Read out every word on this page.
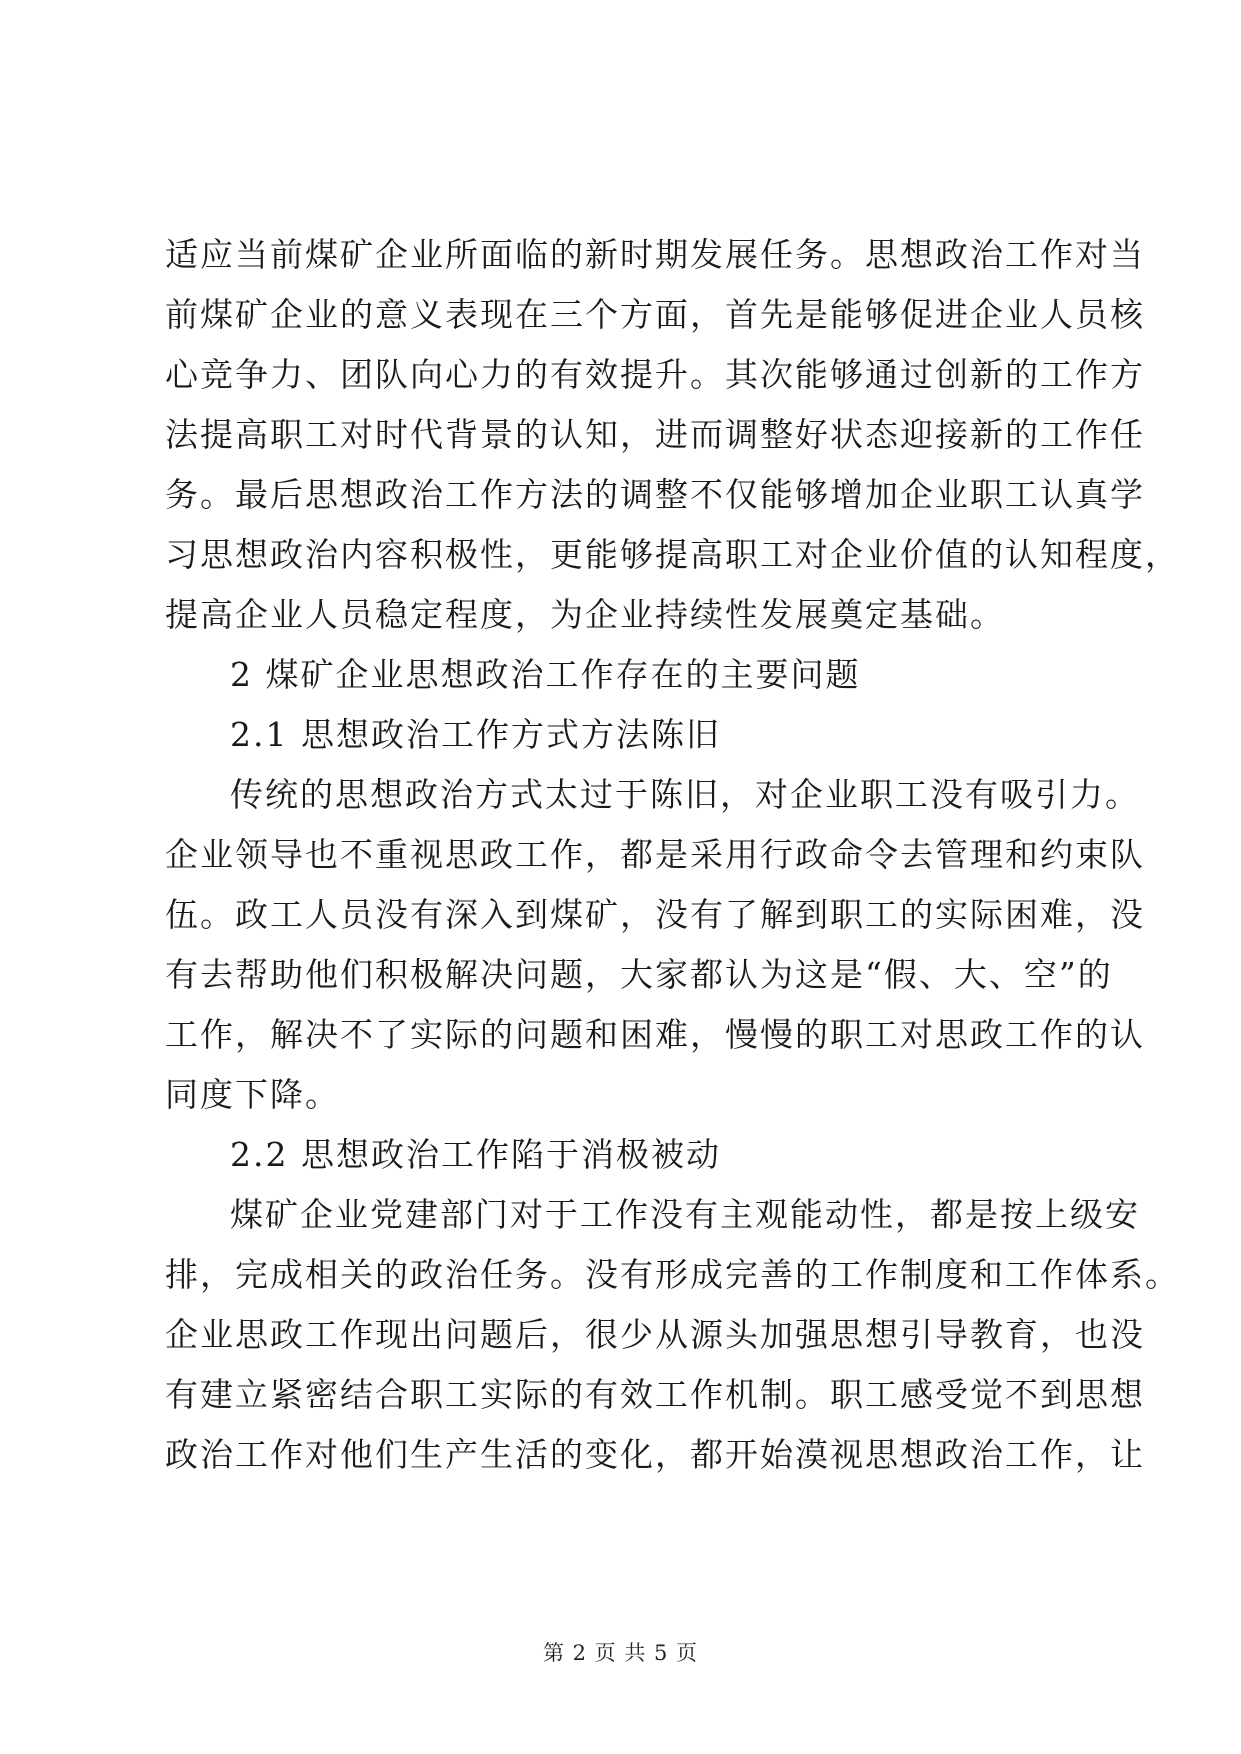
适应当前煤矿企业所面临的新时期发展任务。思想政治工作对当
前煤矿企业的意义表现在三个方面，首先是能够促进企业人员核
心竞争力、团队向心力的有效提升。其次能够通过创新的工作方
法提高职工对时代背景的认知，进而调整好状态迎接新的工作任
务。最后思想政治工作方法的调整不仅能够增加企业职工认真学
习思想政治内容积极性，更能够提高职工对企业价值的认知程度，
提高企业人员稳定程度，为企业持续性发展奠定基础。
2 煤矿企业思想政治工作存在的主要问题
2.1 思想政治工作方式方法陈旧
传统的思想政治方式太过于陈旧，对企业职工没有吸引力。
企业领导也不重视思政工作，都是采用行政命令去管理和约束队
伍。政工人员没有深入到煤矿，没有了解到职工的实际困难，没
有去帮助他们积极解决问题，大家都认为这是“假、大、空”的
工作，解决不了实际的问题和困难，慢慢的职工对思政工作的认
同度下降。
2.2 思想政治工作陷于消极被动
煤矿企业党建部门对于工作没有主观能动性，都是按上级安
排，完成相关的政治任务。没有形成完善的工作制度和工作体系。
企业思政工作现出问题后，很少从源头加强思想引导教育，也没
有建立紧密结合职工实际的有效工作机制。职工感受觉不到思想
政治工作对他们生产生活的变化，都开始漠视思想政治工作，让
第 2 页 共 5 页
